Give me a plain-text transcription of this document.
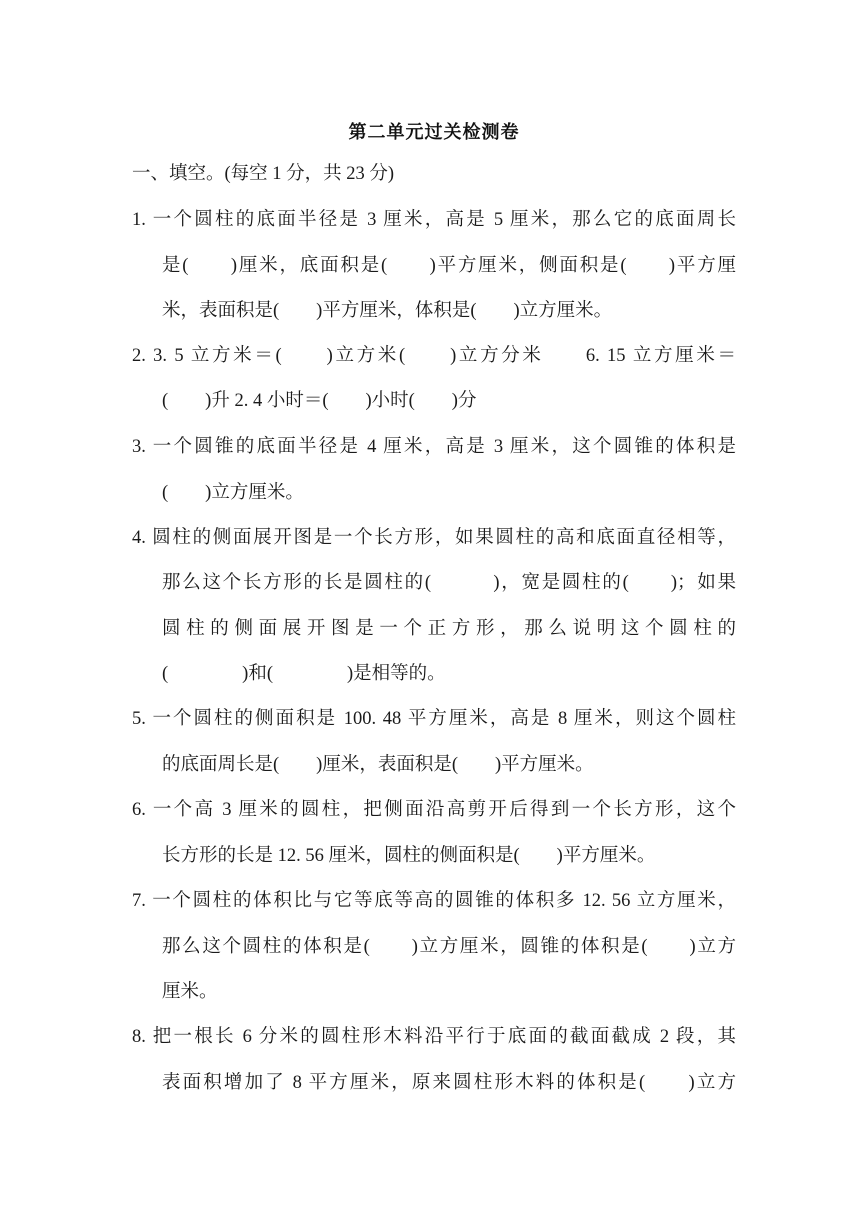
第二单元过关检测卷
一、填空。(每空 1 分，共 23 分)
1. 一个圆柱的底面半径是 3 厘米，高是 5 厘米，那么它的底面周长
是(　　)厘米，底面积是(　　)平方厘米，侧面积是(　　)平方厘
米，表面积是(　　)平方厘米，体积是(　　)立方厘米。
2. 3. 5 立方米＝(　　)立方米(　　)立方分米　　6. 15 立方厘米＝
(　　)升 2. 4 小时＝(　　)小时(　　)分
3. 一个圆锥的底面半径是 4 厘米，高是 3 厘米，这个圆锥的体积是
(　　)立方厘米。
4. 圆柱的侧面展开图是一个长方形，如果圆柱的高和底面直径相等，
那么这个长方形的长是圆柱的(　　　)，宽是圆柱的(　　)；如果
圆柱的侧面展开图是一个正方形，那么说明这个圆柱的
(　　　　)和(　　　　)是相等的。
5. 一个圆柱的侧面积是 100. 48 平方厘米，高是 8 厘米，则这个圆柱
的底面周长是(　　)厘米，表面积是(　　)平方厘米。
6. 一个高 3 厘米的圆柱，把侧面沿高剪开后得到一个长方形，这个
长方形的长是 12. 56 厘米，圆柱的侧面积是(　　)平方厘米。
7. 一个圆柱的体积比与它等底等高的圆锥的体积多 12. 56 立方厘米，
那么这个圆柱的体积是(　　)立方厘米，圆锥的体积是(　　)立方
厘米。
8. 把一根长 6 分米的圆柱形木料沿平行于底面的截面截成 2 段，其
表面积增加了 8 平方厘米，原来圆柱形木料的体积是(　　)立方
